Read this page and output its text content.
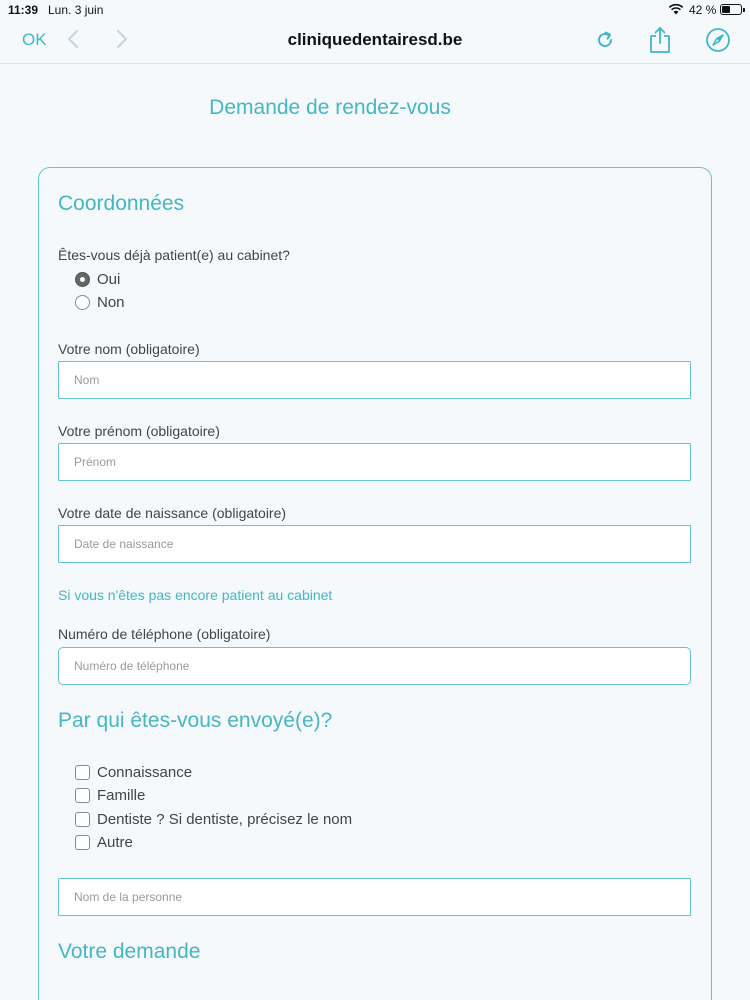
11:39 Lun. 3 juin	42 %
OK	cliniquedentairesd.be
Demande de rendez-vous
Coordonnées
Êtes-vous déjà patient(e) au cabinet?
Oui
Non
Votre nom (obligatoire)
Nom
Votre prénom (obligatoire)
Prénom
Votre date de naissance (obligatoire)
Date de naissance
Si vous n'êtes pas encore patient au cabinet
Numéro de téléphone (obligatoire)
Numéro de téléphone
Par qui êtes-vous envoyé(e)?
Connaissance
Famille
Dentiste ? Si dentiste, précisez le nom
Autre
Nom de la personne
Votre demande
